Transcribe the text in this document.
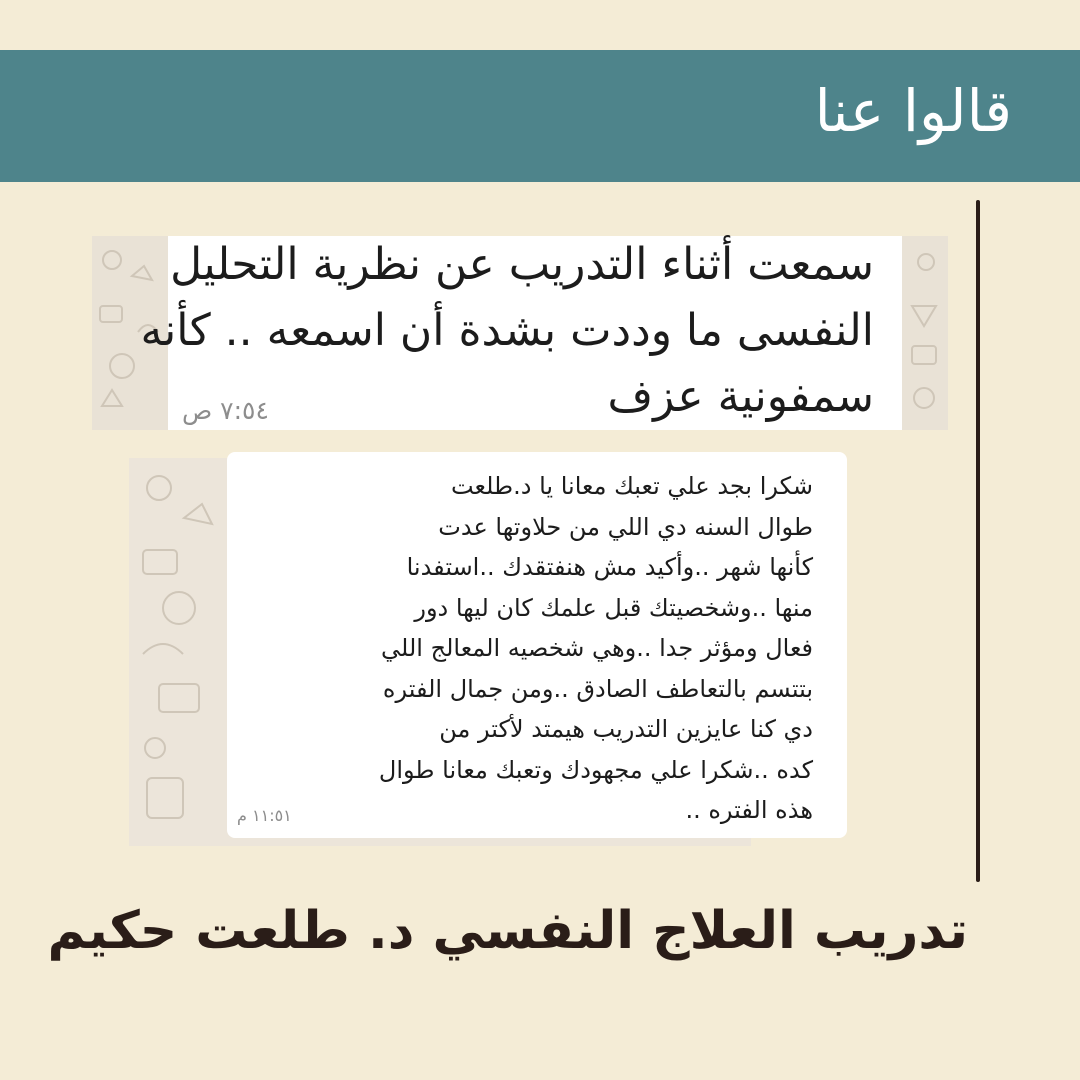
قالوا عنا
سمعت أثناء التدريب عن نظرية التحليل
النفسى ما وددت بشدة أن اسمعه .. كأنه
سمفونية عزف
٧:٥٤ ص
شكرا بجد علي تعبك معانا يا د.طلعت
طوال السنه دي اللي من حلاوتها عدت
كأنها شهر ..وأكيد مش هنفتقدك ..استفدنا
منها ..وشخصيتك قبل علمك كان ليها دور
فعال ومؤثر جدا ..وهي شخصيه المعالج اللي
بتتسم بالتعاطف الصادق ..ومن جمال الفتره
دي كنا عايزين التدريب هيمتد لأكتر من
كده ..شكرا علي مجهودك وتعبك معانا طوال
هذه الفتره ..
١١:٥١ م
تدريب العلاج النفسي د. طلعت حكيم
